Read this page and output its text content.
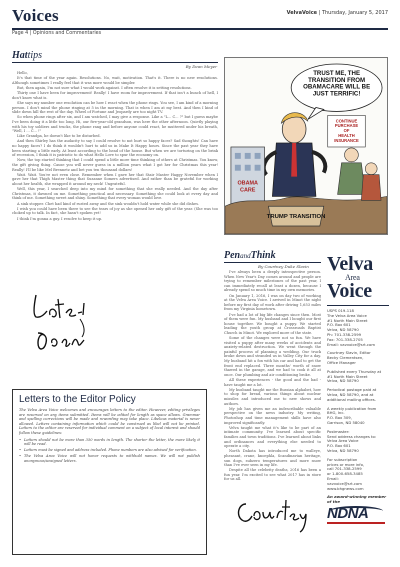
Voices	VelvaVoice | Thursday, January 5, 2017
Page 4 | Opinions and Commentaries
Hattips
By Dean Meyer

Hello,

It's that time of the year again. Resolutions. No, wait, motivation. That's it. There is no new resolutions. Although sometimes I really feel that it was more would be simpler.

But, then again, I'm not sure what I would work against. I often resolve it is setting resolutions.

Thirty one I have been for improvement! Really! I have room for improvement. If that isn't a bunch of hell, I don't know what is.

She says my number one resolution can be how I react when the phone rings. You see, I am kind of a morning person. I don't mind the phone ringing at 5 in the morning. That is when I am at my best. And then I kind of slide down hill the rest of the day. Wheel of Fortune and Jeopardy are too night TV.

So when phone rings after six, and I am watched, I may give a response. Like a "L... C... ?" but I guess maybe I've been doing it a little too long. Hi, our five-year-old grandson, was here the other afternoon. Quietly playing with his toy soldiers and trucks, the phone rang and before anyone could react, he muttered under his breath, "Well, I ... C... !"

Like Grandpa, he doesn't like to be disturbed.

And then Shirley has the audacity to say I could resolve to not hurt so happy faces? Sad thoughts! Can have no happy faces? I do think it wouldn't hurt to add us in Make It Happy hours. Since the past year they have been starting a little early. At least according to the head of the house. But when we are torturing on the brink of recession, I think it is patriotic to do what Hello Love to spur the economy on.

Now, the top started thinking that I could spend a little more time thinking of others at Christmas. You know, the gift giving thing. Cause you will never guess in a million years what I got her for Christmas this year! Really! I'll be like Mel Brennetz and bet you ten thousand dollars!

Wait. Wait. You're not even close. Remember when I gave her that Stair Master Haggy November when I gave her that Thigh Master thing that Suzanne Somers advertised. And rather than be grateful for working about her health, she wrapped it around my neck! Ungrateful.

Well, this year, I searched deep into my mind for something that she really needed. And the day after Christmas, it dawned on me. Something practical and necessary. Something she could look at every day and think of me. Something sweet and shiny. Something that every woman would love.

A sink stopper. Chet had kind of rusted away and the sink wouldn't hold water while she did dishes.

I wish you could have been there to see the tears of joy as she opened her only gift of the year. (She was too choked up to talk. In fact, she hasn't spoken yet!

I think I'm gonna a guy. I resolve to keep it up.

TRUST ME, THE TRANSITION FROM OBAMACARE WILL BE JUST TERRIFIC!
OBAMA
CARE
TRUMP TRANSITION
CONTINUE PURCHASE OF HEALTH INSURANCE
Letters to the Editor Policy

The Velva Area Voice welcomes and encourages letters to the editor. However, editing privileges are reserved on any items submitted. Items will be edited for length as space allows. Grammar and spelling corrections will be made and rewording may take place. Libelous material is never allowed. Letters containing information which could be construed as libel will not be printed. Letters to the editor are reserved for individual comment on a subject of local interest and should follow these guidelines:

• Letters should not be more than 350 words in length. The shorter the letter, the more likely it will be read.
• Letters must be signed and address included. Phone numbers are also advised for verification.
• The Velva Area Voice will not honor requests to withhold names. We will not publish anonymous/unsigned letters.
PenandThink
By Courtney Duke Slavin

I've always been a deeply introspective person. When New Year's Day comes around and people are trying to remember milestones of the past year, I can immediately recall at least a dozen, because I already spend so much time in my own memories.

On January 1, 2016, I was on day two of working at the Velva Area Voice. I arrived in Minot the night before my first day of work after driving 1,653 miles from my Virginia hometown.

I've had a lot of big life changes since then. Most of them were fun. My husband and I bought our first house together. We bought a puppy. We started leading the youth group at Crossroads Baptist Church in Minot. We explored more of the state.

Some of the changes were not so fun. We have visited a puppy after many weeks of accidents and anxiety-related destruction. We went through the painful process of planning a wedding. Our truck broke down and stranded us in Valley City for a day. My husband hit a fox with his car and had to get the front end replaced. Three months' worth of snow thawed in the garage, and we had to cook it all at once. Our plumbing and air conditioning broke.

All these experiences - the good and the bad - have taught me a lot.

My husband taught me the Russian alphabet, how to shop for bread, various things about nuclear missiles and introduced me to new shows and authors.

My job has given me an indescribable valuable perspective on the news industry. My writing, Photoshop and time management skills have also improved significantly.

Velva taught me what it's like to be part of an intimate community. I've learned about specific families and town traditions. I've learned about links and ordinances and everything else needed to operate a city.

North Dakota has introduced me to walleye, pheasant, crane, knoephla, Scandinavian heritage, sun dogs, subzero temperatures and more snow than I've ever seen in my life.

Despite all the celebrity deaths, 2016 has been a fun year. I'm excited to see what 2017 has in store for us all.

Velva
Area
Voice
USPS 019-118
The Velva Area Voice
#1 North Main Street
P.O. Box 601
Velva, ND 58790
Ph: 701-338-2599
Fax: 701-338-2705
Email: vavvoice@srt.com
Courtney Slavin, Editor
Becky Clementsen,
Office Manager
Published every Thursday at
#1 North Main Street
Velva, ND 58790
Periodical postage paid at
Velva, ND 58790, and at
additional mailing offices.
A weekly publication from
BHG, Inc.
P.O. Box 309,
Garrison, ND 58040
Postmaster:
Send address changes to:
Velva Area Voice
P.O. Box 601
Velva, ND 58790
For subscription
prices or more info,
call 701-338-2599
or 1-800-658-3485
Email:
vavvoice@srt.com
www.bhgnews.com
An award-winning member of the
NDNA
